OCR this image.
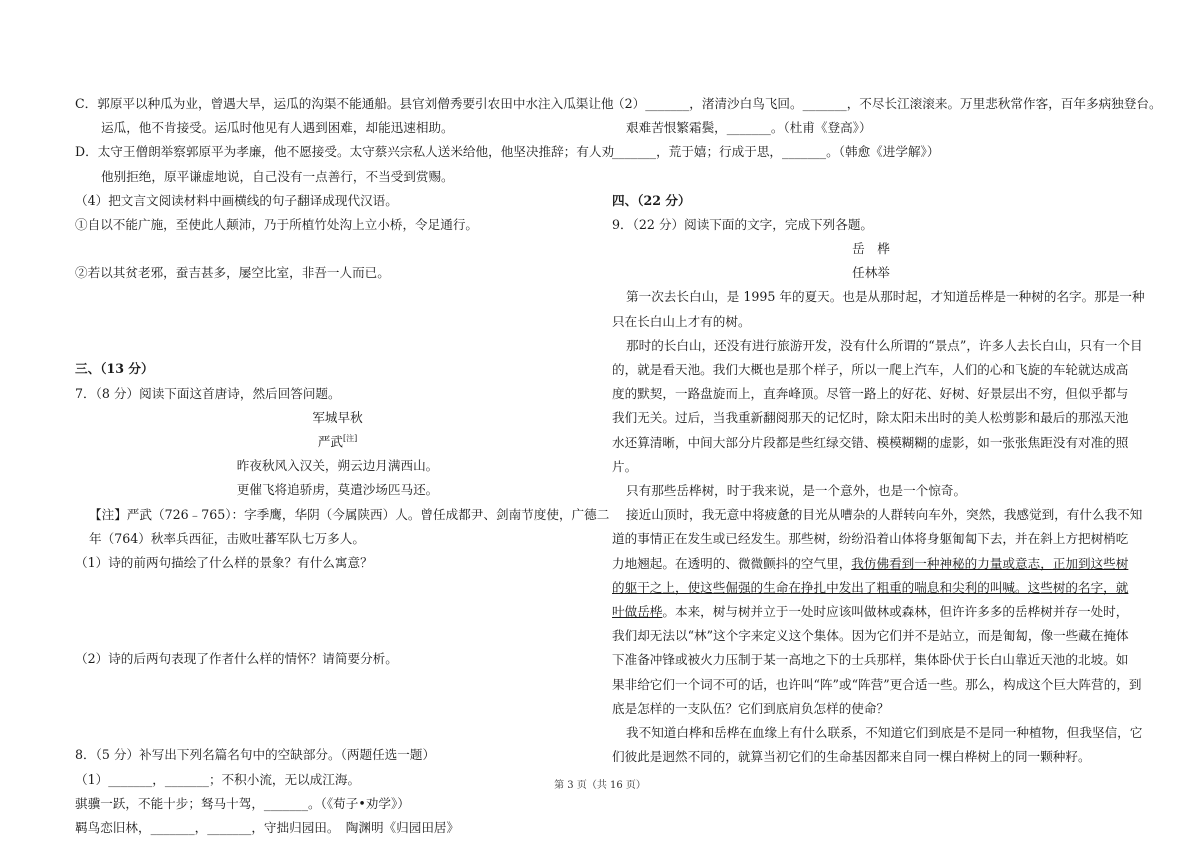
C．郭原平以种瓜为业，曾遇大旱，运瓜的沟渠不能通船。县官刘僧秀要引农田中水注入瓜渠让他

运瓜，他不肯接受。运瓜时他见有人遇到困难，却能迅速相助。

D．太守王僧朗举察郭原平为孝廉，他不愿接受。太守蔡兴宗私人送米给他，他坚决推辞；有人劝

他别拒绝，原平谦虚地说，自己没有一点善行，不当受到赏赐。

（4）把文言文阅读材料中画横线的句子翻译成现代汉语。

①自以不能广施，至使此人颠沛，乃于所植竹处沟上立小桥，令足通行。

②若以其贫老邪，蚕吉甚多，屡空比室，非吾一人而已。

三、（13 分）

7．（8 分）阅读下面这首唐诗，然后回答问题。

军城早秋

严武[注]

昨夜秋风入汉关，朔云边月满西山。

更催飞将追骄虏，莫遣沙场匹马还。

【注】严武（726﹣765）：字季鹰，华阴（今属陕西）人。曾任成都尹、剑南节度使，广德二

年（764）秋率兵西征，击败吐蕃军队七万多人。

（1）诗的前两句描绘了什么样的景象？有什么寓意？

（2）诗的后两句表现了作者什么样的情怀？请简要分析。

8．（5 分）补写出下列名篇名句中的空缺部分。（两题任选一题）

（1）_______，_______；不积小流，无以成江海。

骐骥一跃，不能十步；驽马十驾，_______。（《荀子•劝学》）

羁鸟恋旧林，_______，_______，守拙归园田。　陶渊明《归园田居》

（2）_______，渚清沙白鸟飞回。_______，不尽长江滚滚来。万里悲秋常作客，百年多病独登台。

艰难苦恨繁霜鬓，_______。（杜甫《登高》）

_______，荒于嬉；行成于思，_______。（韩愈《进学解》）

四、（22 分）

9．（22 分）阅读下面的文字，完成下列各题。

岳　桦

任林举

第一次去长白山，是 1995 年的夏天。也是从那时起，才知道岳桦是一种树的名字。那是一种

只在长白山上才有的树。

那时的长白山，还没有进行旅游开发，没有什么所谓的“景点”，许多人去长白山，只有一个目

的，就是看天池。我们大概也是那个样子，所以一爬上汽车，人们的心和飞旋的车轮就达成高

度的默契，一路盘旋而上，直奔峰顶。尽管一路上的好花、好树、好景层出不穷，但似乎都与

我们无关。过后，当我重新翻阅那天的记忆时，除太阳未出时的美人松剪影和最后的那泓天池

水还算清晰，中间大部分片段都是些红绿交错、模模糊糊的虚影，如一张张焦距没有对准的照

片。

只有那些岳桦树，时于我来说，是一个意外，也是一个惊奇。

接近山顶时，我无意中将疲惫的目光从嘈杂的人群转向车外，突然，我感觉到，有什么我不知

道的事情正在发生或已经发生。那些树，纷纷沿着山体将身躯匍匐下去，并在斜上方把树梢吃

力地翘起。在透明的、微微颤抖的空气里，我仿佛看到一种神秘的力量或意志，正加到这些树

的躯干之上，使这些倔强的生命在挣扎中发出了粗重的喘息和尖利的叫喊。这些树的名字，就

叶做岳桦。本来，树与树并立于一处时应该叫做林或森林，但许许多多的岳桦树并存一处时，

我们却无法以“林”这个字来定义这个集体。因为它们并不是站立，而是匍匐，像一些藏在掩体

下准备冲锋或被火力压制于某一高地之下的士兵那样，集体卧伏于长白山靠近天池的北坡。如

果非给它们一个词不可的话，也许叫“阵”或“阵营”更合适一些。那么，构成这个巨大阵营的，到

底是怎样的一支队伍？它们到底肩负怎样的使命？

我不知道白桦和岳桦在血缘上有什么联系，不知道它们到底是不是同一种植物，但我坚信，它

们彼此是迥然不同的，就算当初它们的生命基因都来自同一棵白桦树上的同一颗种籽。

第 3 页（共 16 页）
